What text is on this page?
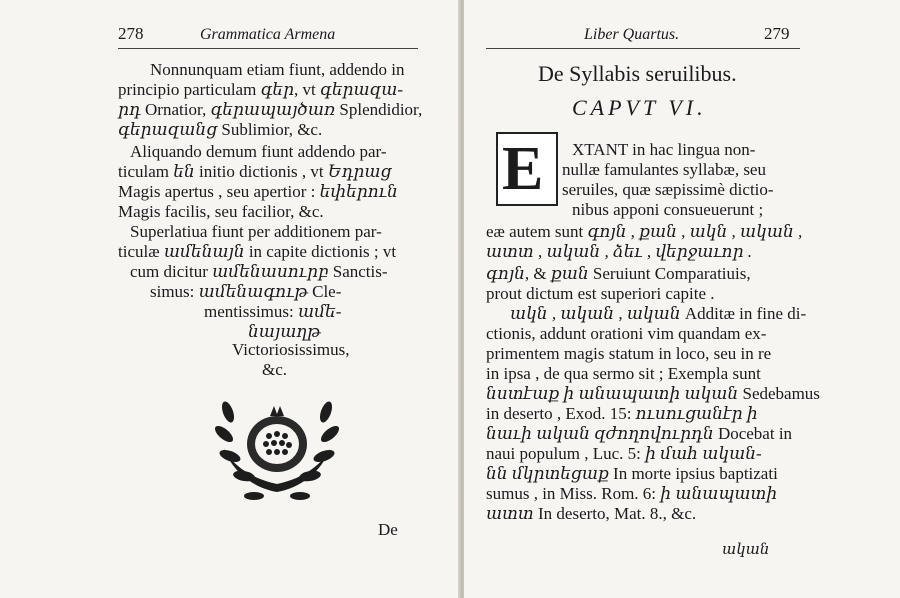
278	Grammatica Armena
Nonnunquam etiam fiunt, addendo in
principio particulam գեր, vt գերազա-
րդ Ornatior, գերապայծառ Splendidior,
գերազանց Sublimior, &c.
Aliquando demum fiunt addendo par-
ticulam են initio dictionis , vt Եդրաց
Magis apertus , seu apertior : եփերուն
Magis facilis, seu facilior, &c.
Superlatiua fiunt per additionem par-
ticulæ ամենայն in capite dictionis ; vt
cum dicitur ամենասուրբ Sanctis-
simus: ամենագութ Cle-
mentissimus: ամե-
նայաղթ
Victoriosissimus,
&c.
De
Liber Quartus.	279
De Syllabis seruilibus.
CAPVT VI.
E XTANT in hac lingua non-
nullæ famulantes syllabæ, seu
seruiles, quæ sæpissimè dictio-
nibus apponi consueuerunt ;
eæ autem sunt գոյն , քան , ակն , ական ,
ատտ , ական , ձեւ , վերջաւոր .
գոյն, & քան Seruiunt Comparatiuis,
prout dictum est superiori capite .
ակն , ական , ական Additæ in fine di-
ctionis, addunt orationi vim quandam ex-
primentem magis statum in loco, seu in re
in ipsa , de qua sermo sit ; Exempla sunt
նստէաք ի անապատի ական Sedebamus
in deserto , Exod. 15: ուսուցանէր ի
նաւի ական զժողովուրդն Docebat in
naui populum , Luc. 5: ի մահ ական-
նն մկրտեցաք In morte ipsius baptizati
sumus , in Miss. Rom. 6: ի անապատի
ատտ In deserto, Mat. 8., &c.
ական
